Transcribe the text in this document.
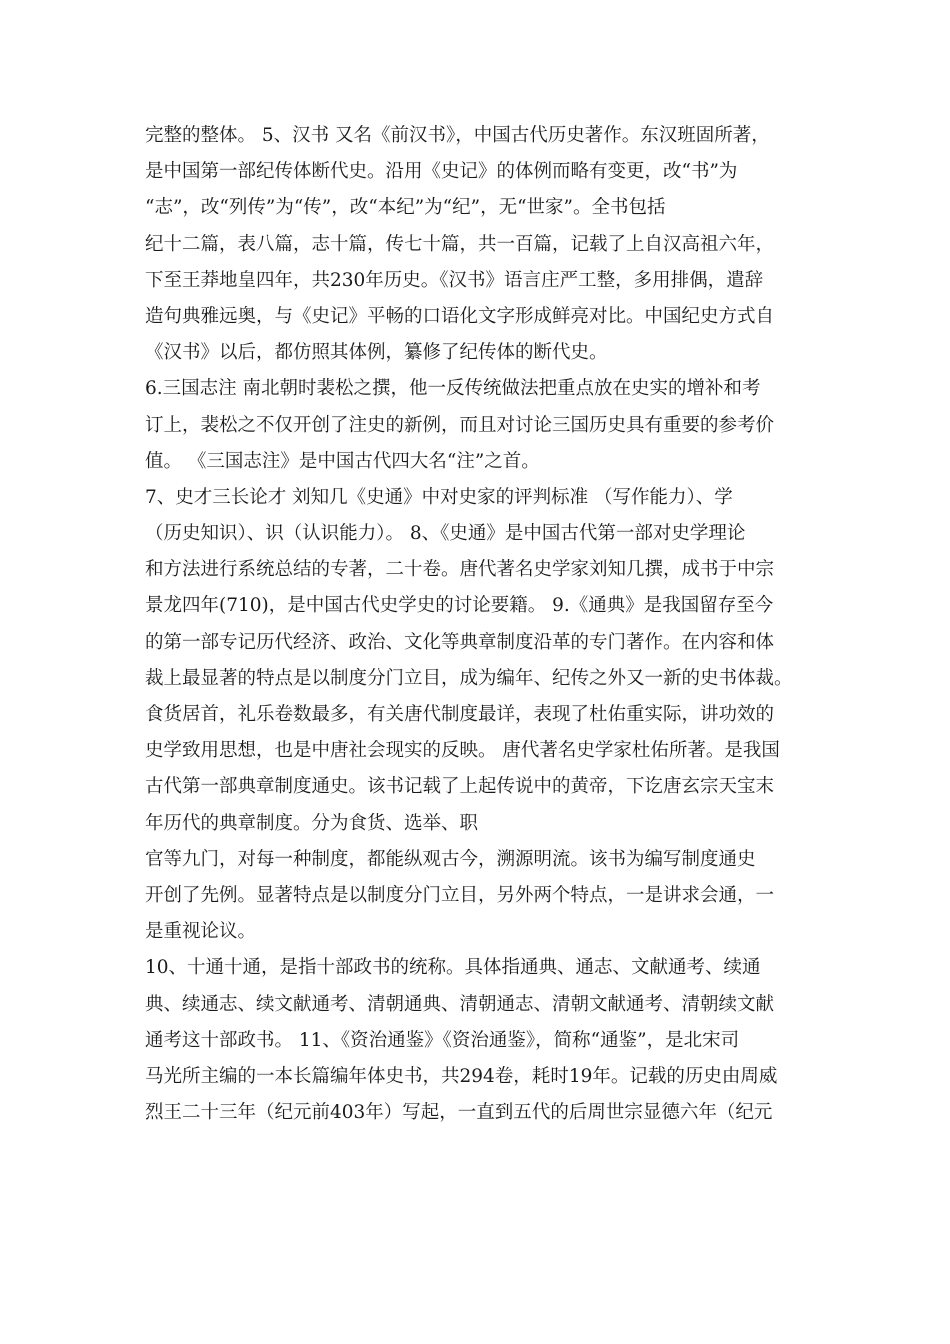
完整的整体。 5、汉书 又名《前汉书》，中国古代历史著作。东汉班固所著，
是中国第一部纪传体断代史。沿用《史记》的体例而略有变更，改“书”为
“志”，改“列传”为“传”，改“本纪”为“纪”，无“世家”。全书包括
纪十二篇，表八篇，志十篇，传七十篇，共一百篇，记载了上自汉高祖六年，
下至王莽地皇四年，共230年历史。《汉书》语言庄严工整，多用排偶，遣辞
造句典雅远奥，与《史记》平畅的口语化文字形成鲜亮对比。中国纪史方式自
《汉书》以后，都仿照其体例，纂修了纪传体的断代史。
6.三国志注 南北朝时裴松之撰，他一反传统做法把重点放在史实的增补和考
订上，裴松之不仅开创了注史的新例，而且对讨论三国历史具有重要的参考价
值。 《三国志注》是中国古代四大名“注”之首。
7、史才三长论才 刘知几《史通》中对史家的评判标准 （写作能力）、学
（历史知识）、识（认识能力）。 8、《史通》是中国古代第一部对史学理论
和方法进行系统总结的专著，二十卷。唐代著名史学家刘知几撰，成书于中宗
景龙四年(710)，是中国古代史学史的讨论要籍。 9.《通典》是我国留存至今
的第一部专记历代经济、政治、文化等典章制度沿革的专门著作。在内容和体
裁上最显著的特点是以制度分门立目，成为编年、纪传之外又一新的史书体裁。
食货居首，礼乐卷数最多，有关唐代制度最详，表现了杜佑重实际，讲功效的
史学致用思想，也是中唐社会现实的反映。 唐代著名史学家杜佑所著。是我国
古代第一部典章制度通史。该书记载了上起传说中的黄帝，下讫唐玄宗天宝末
年历代的典章制度。分为食货、选举、职
官等九门，对每一种制度，都能纵观古今，溯源明流。该书为编写制度通史
开创了先例。显著特点是以制度分门立目，另外两个特点，一是讲求会通，一
是重视论议。
10、十通十通，是指十部政书的统称。具体指通典、通志、文献通考、续通
典、续通志、续文献通考、清朝通典、清朝通志、清朝文献通考、清朝续文献
通考这十部政书。 11、《资治通鉴》《资治通鉴》，简称“通鉴”，是北宋司
马光所主编的一本长篇编年体史书，共294卷，耗时19年。记载的历史由周威
烈王二十三年（纪元前403年）写起，一直到五代的后周世宗显德六年（纪元
